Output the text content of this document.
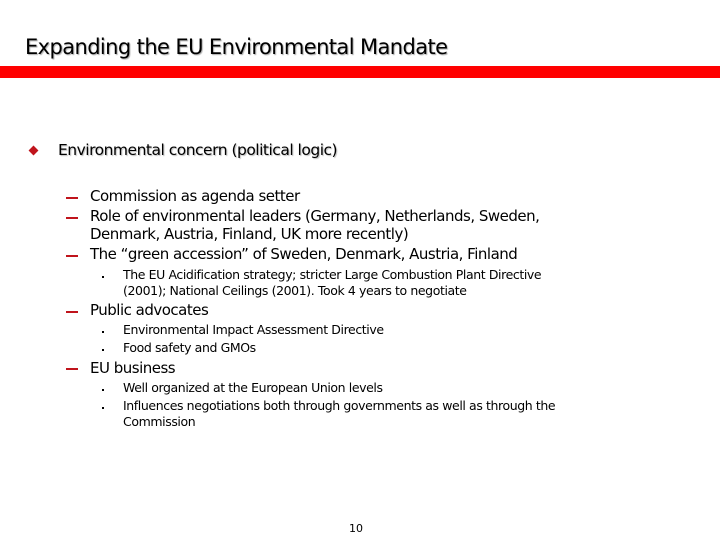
Expanding the EU Environmental Mandate
Environmental concern (political logic)
Commission as agenda setter
Role of environmental leaders (Germany, Netherlands, Sweden,
Denmark, Austria, Finland, UK more recently)
The “green accession” of Sweden, Denmark, Austria, Finland
The EU Acidification strategy; stricter Large Combustion Plant Directive
(2001); National Ceilings (2001). Took 4 years to negotiate
Public advocates
Environmental Impact Assessment Directive
Food safety and GMOs
EU business
Well organized at the European Union levels
Influences negotiations both through governments as well as through the
Commission
10
